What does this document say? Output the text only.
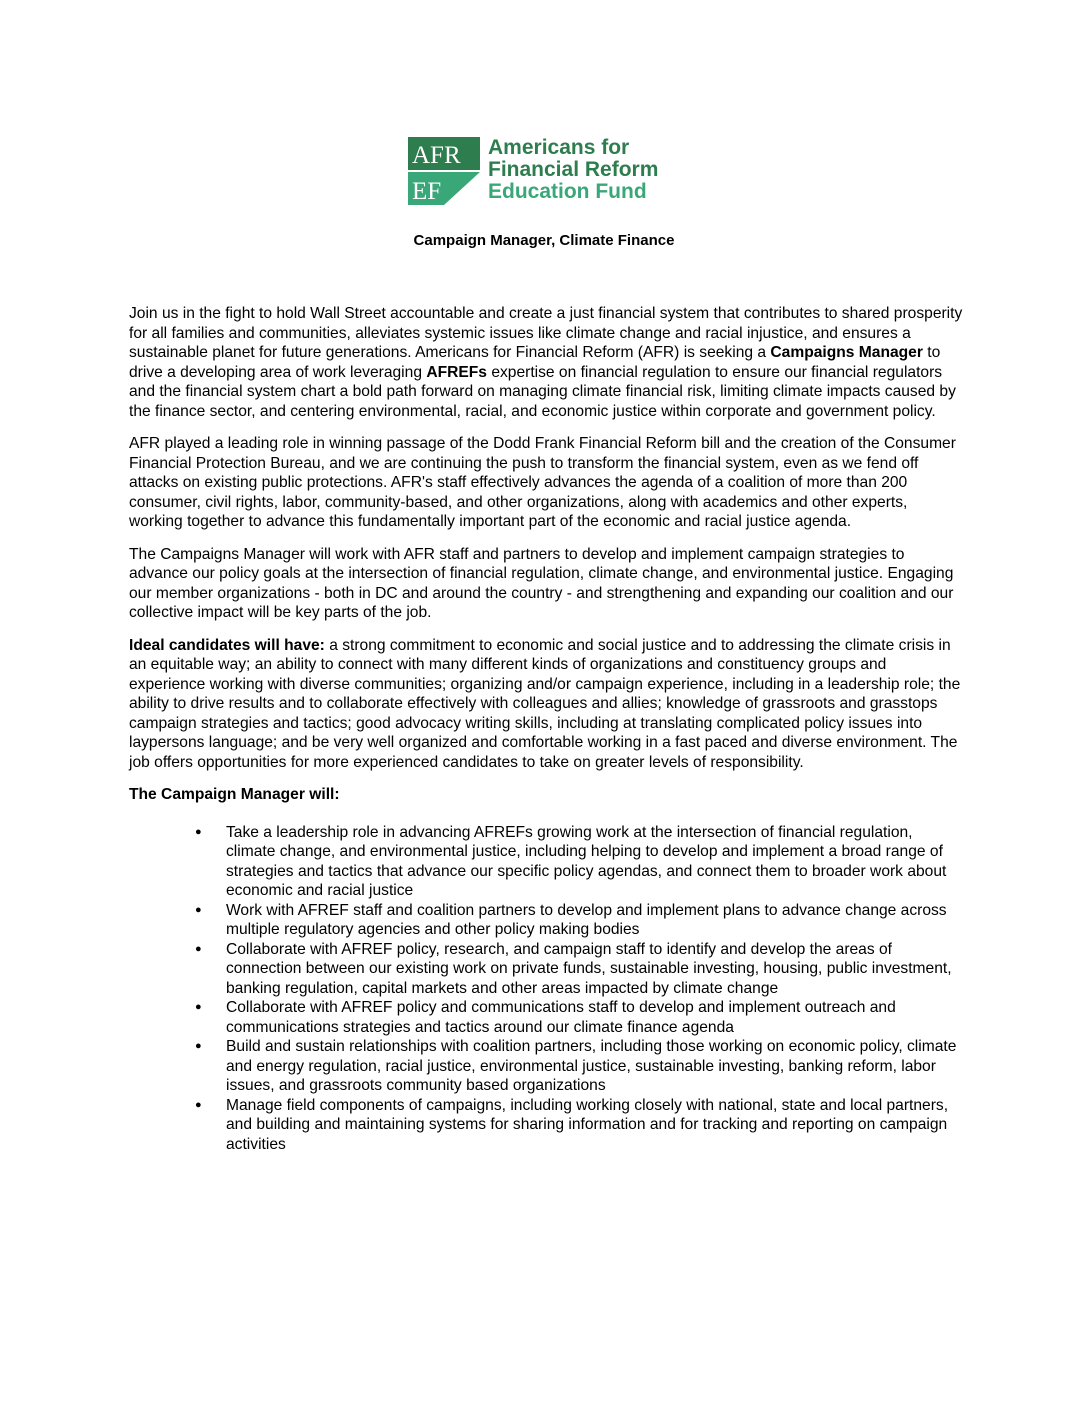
AFR
EF
Americans for
Financial Reform
Education Fund
Campaign Manager, Climate Finance

Join us in the fight to hold Wall Street accountable and create a just financial system that contributes to shared prosperity for all families and communities, alleviates systemic issues like climate change and racial injustice, and ensures a sustainable planet for future generations. Americans for Financial Reform (AFR) is seeking a Campaigns Manager to drive a developing area of work leveraging AFREFs expertise on financial regulation to ensure our financial regulators and the financial system chart a bold path forward on managing climate financial risk, limiting climate impacts caused by the finance sector, and centering environmental, racial, and economic justice within corporate and government policy.

AFR played a leading role in winning passage of the Dodd Frank Financial Reform bill and the creation of the Consumer Financial Protection Bureau, and we are continuing the push to transform the financial system, even as we fend off attacks on existing public protections. AFR's staff effectively advances the agenda of a coalition of more than 200 consumer, civil rights, labor, community-based, and other organizations, along with academics and other experts, working together to advance this fundamentally important part of the economic and racial justice agenda.

The Campaigns Manager will work with AFR staff and partners to develop and implement campaign strategies to advance our policy goals at the intersection of financial regulation, climate change, and environmental justice. Engaging our member organizations - both in DC and around the country - and strengthening and expanding our coalition and our collective impact will be key parts of the job.

Ideal candidates will have: a strong commitment to economic and social justice and to addressing the climate crisis in an equitable way; an ability to connect with many different kinds of organizations and constituency groups and experience working with diverse communities; organizing and/or campaign experience, including in a leadership role; the ability to drive results and to collaborate effectively with colleagues and allies; knowledge of grassroots and grasstops campaign strategies and tactics; good advocacy writing skills, including at translating complicated policy issues into laypersons language; and be very well organized and comfortable working in a fast paced and diverse environment. The job offers opportunities for more experienced candidates to take on greater levels of responsibility.

The Campaign Manager will:

● Take a leadership role in advancing AFREFs growing work at the intersection of financial regulation, climate change, and environmental justice, including helping to develop and implement a broad range of strategies and tactics that advance our specific policy agendas, and connect them to broader work about economic and racial justice
● Work with AFREF staff and coalition partners to develop and implement plans to advance change across multiple regulatory agencies and other policy making bodies
● Collaborate with AFREF policy, research, and campaign staff to identify and develop the areas of connection between our existing work on private funds, sustainable investing, housing, public investment, banking regulation, capital markets and other areas impacted by climate change
● Collaborate with AFREF policy and communications staff to develop and implement outreach and communications strategies and tactics around our climate finance agenda
● Build and sustain relationships with coalition partners, including those working on economic policy, climate and energy regulation, racial justice, environmental justice, sustainable investing, banking reform, labor issues, and grassroots community based organizations
● Manage field components of campaigns, including working closely with national, state and local partners, and building and maintaining systems for sharing information and for tracking and reporting on campaign activities
